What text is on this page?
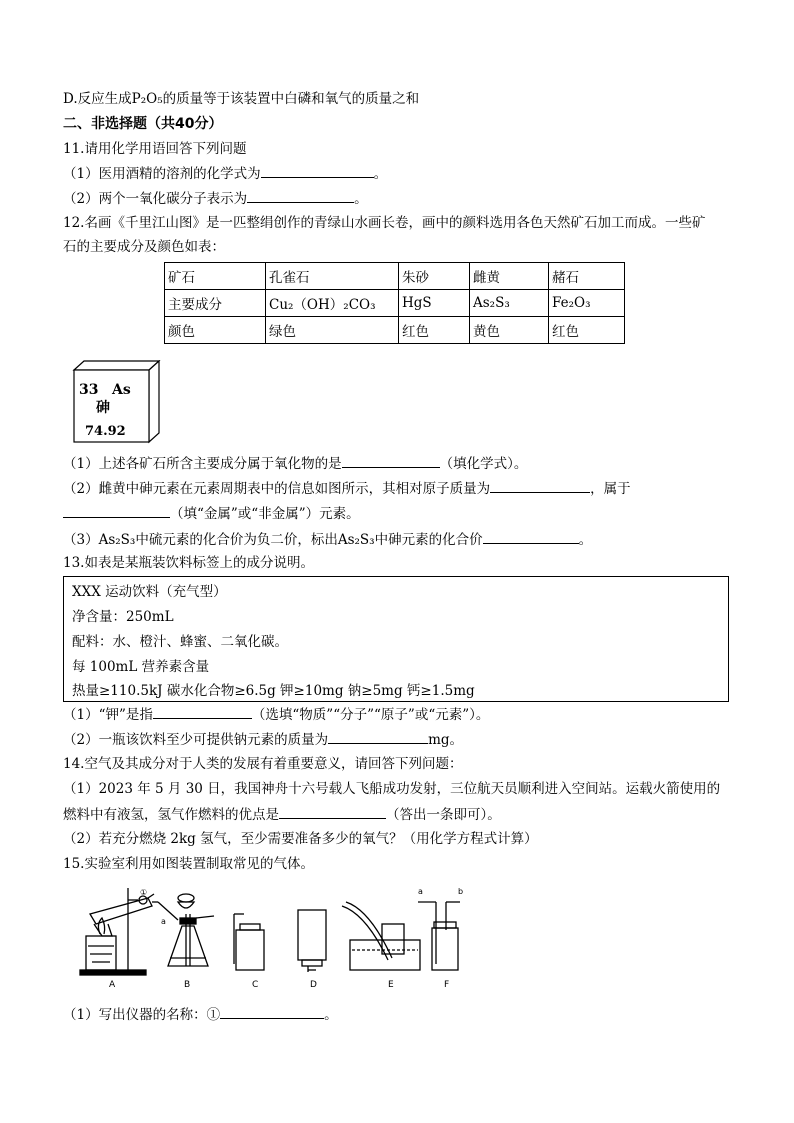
D.反应生成P₂O₅的质量等于该装置中白磷和氧气的质量之和
二、非选择题（共40分）
11.请用化学用语回答下列问题
（1）医用酒精的溶剂的化学式为	。
（2）两个一氧化碳分子表示为	。
12.名画《千里江山图》是一匹整绢创作的青绿山水画长卷，画中的颜料选用各色天然矿石加工而成。一些矿
石的主要成分及颜色如表：
矿石	孔雀石	朱砂	雌黄	赭石
主要成分	Cu₂（OH）₂CO₃	HgS	As₂S₃	Fe₂O₃
颜色	绿色	红色	黄色	红色
33 As
砷
74.92
（1）上述各矿石所含主要成分属于氧化物的是	（填化学式）。
（2）雌黄中砷元素在元素周期表中的信息如图所示，其相对原子质量为	，属于
（填“金属”或“非金属”）元素。
（3）As₂S₃中硫元素的化合价为负二价，标出As₂S₃中砷元素的化合价	。
13.如表是某瓶装饮料标签上的成分说明。
XXX 运动饮料（充气型）
净含量：250mL
配料：水、橙汁、蜂蜜、二氧化碳。
每 100mL 营养素含量
热量≥110.5kJ 碳水化合物≥6.5g 钾≥10mg 钠≥5mg 钙≥1.5mg
（1）“钾”是指	（选填“物质”“分子”“原子”或“元素”）。
（2）一瓶该饮料至少可提供钠元素的质量为	mg。
14.空气及其成分对于人类的发展有着重要意义，请回答下列问题：
（1）2023 年 5 月 30 日，我国神舟十六号载人飞船成功发射，三位航天员顺利进入空间站。运载火箭使用的
燃料中有液氢，氢气作燃料的优点是	（答出一条即可）。
（2）若充分燃烧 2kg 氢气，至少需要准备多少的氧气？（用化学方程式计算）
15.实验室利用如图装置制取常见的气体。
①
a
A	B	C	D	E
a	b
F
（1）写出仪器的名称：①	。
